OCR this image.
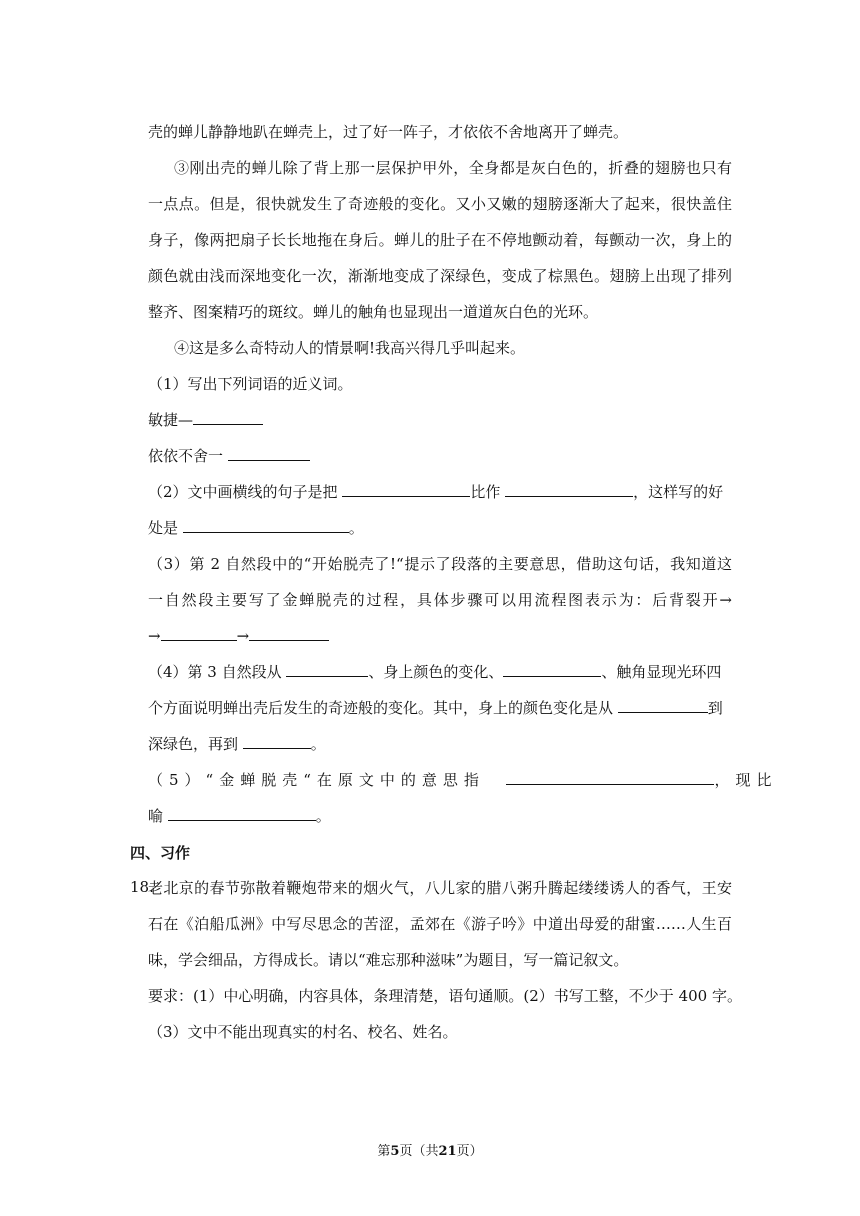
壳的蝉儿静静地趴在蝉壳上，过了好一阵子，才依依不舍地离开了蝉壳。
③刚出壳的蝉儿除了背上那一层保护甲外，全身都是灰白色的，折叠的翅膀也只有
一点点。但是，很快就发生了奇迹般的变化。又小又嫩的翅膀逐渐大了起来，很快盖住
身子，像两把扇子长长地拖在身后。蝉儿的肚子在不停地颤动着，每颤动一次，身上的
颜色就由浅而深地变化一次，渐渐地变成了深绿色，变成了棕黑色。翅膀上出现了排列
整齐、图案精巧的斑纹。蝉儿的触角也显现出一道道灰白色的光环。
④这是多么奇特动人的情景啊!我高兴得几乎叫起来。
（1）写出下列词语的近义词。
敏捷—
依依不舍一
（2）文中画横线的句子是把	比作	，这样写的好
处是	。
（3）第 2 自然段中的“开始脱壳了!“提示了段落的主要意思，借助这句话，我知道这
一自然段主要写了金蝉脱壳的过程，具体步骤可以用流程图表示为：后背裂开→
→	→
（4）第 3 自然段从	、身上颜色的变化、	、触角显现光环四
个方面说明蝉出壳后发生的奇迹般的变化。其中，身上的颜色变化是从	到
深绿色，再到	。
（5）“金蝉脱壳“在原文中的意思指	，现比
喻	。
四、习作
18.
老北京的春节弥散着鞭炮带来的烟火气，八儿家的腊八粥升腾起缕缕诱人的香气，王安
石在《泊船瓜洲》中写尽思念的苦涩，孟郊在《游子吟》中道出母爱的甜蜜……人生百
味，学会细品，方得成长。请以“难忘那种滋味”为题目，写一篇记叙文。
要求：(1）中心明确，内容具体，条理清楚，语句通顺。(2）书写工整，不少于 400 字。
（3）文中不能出现真实的村名、校名、姓名。
第5页（共21页）
